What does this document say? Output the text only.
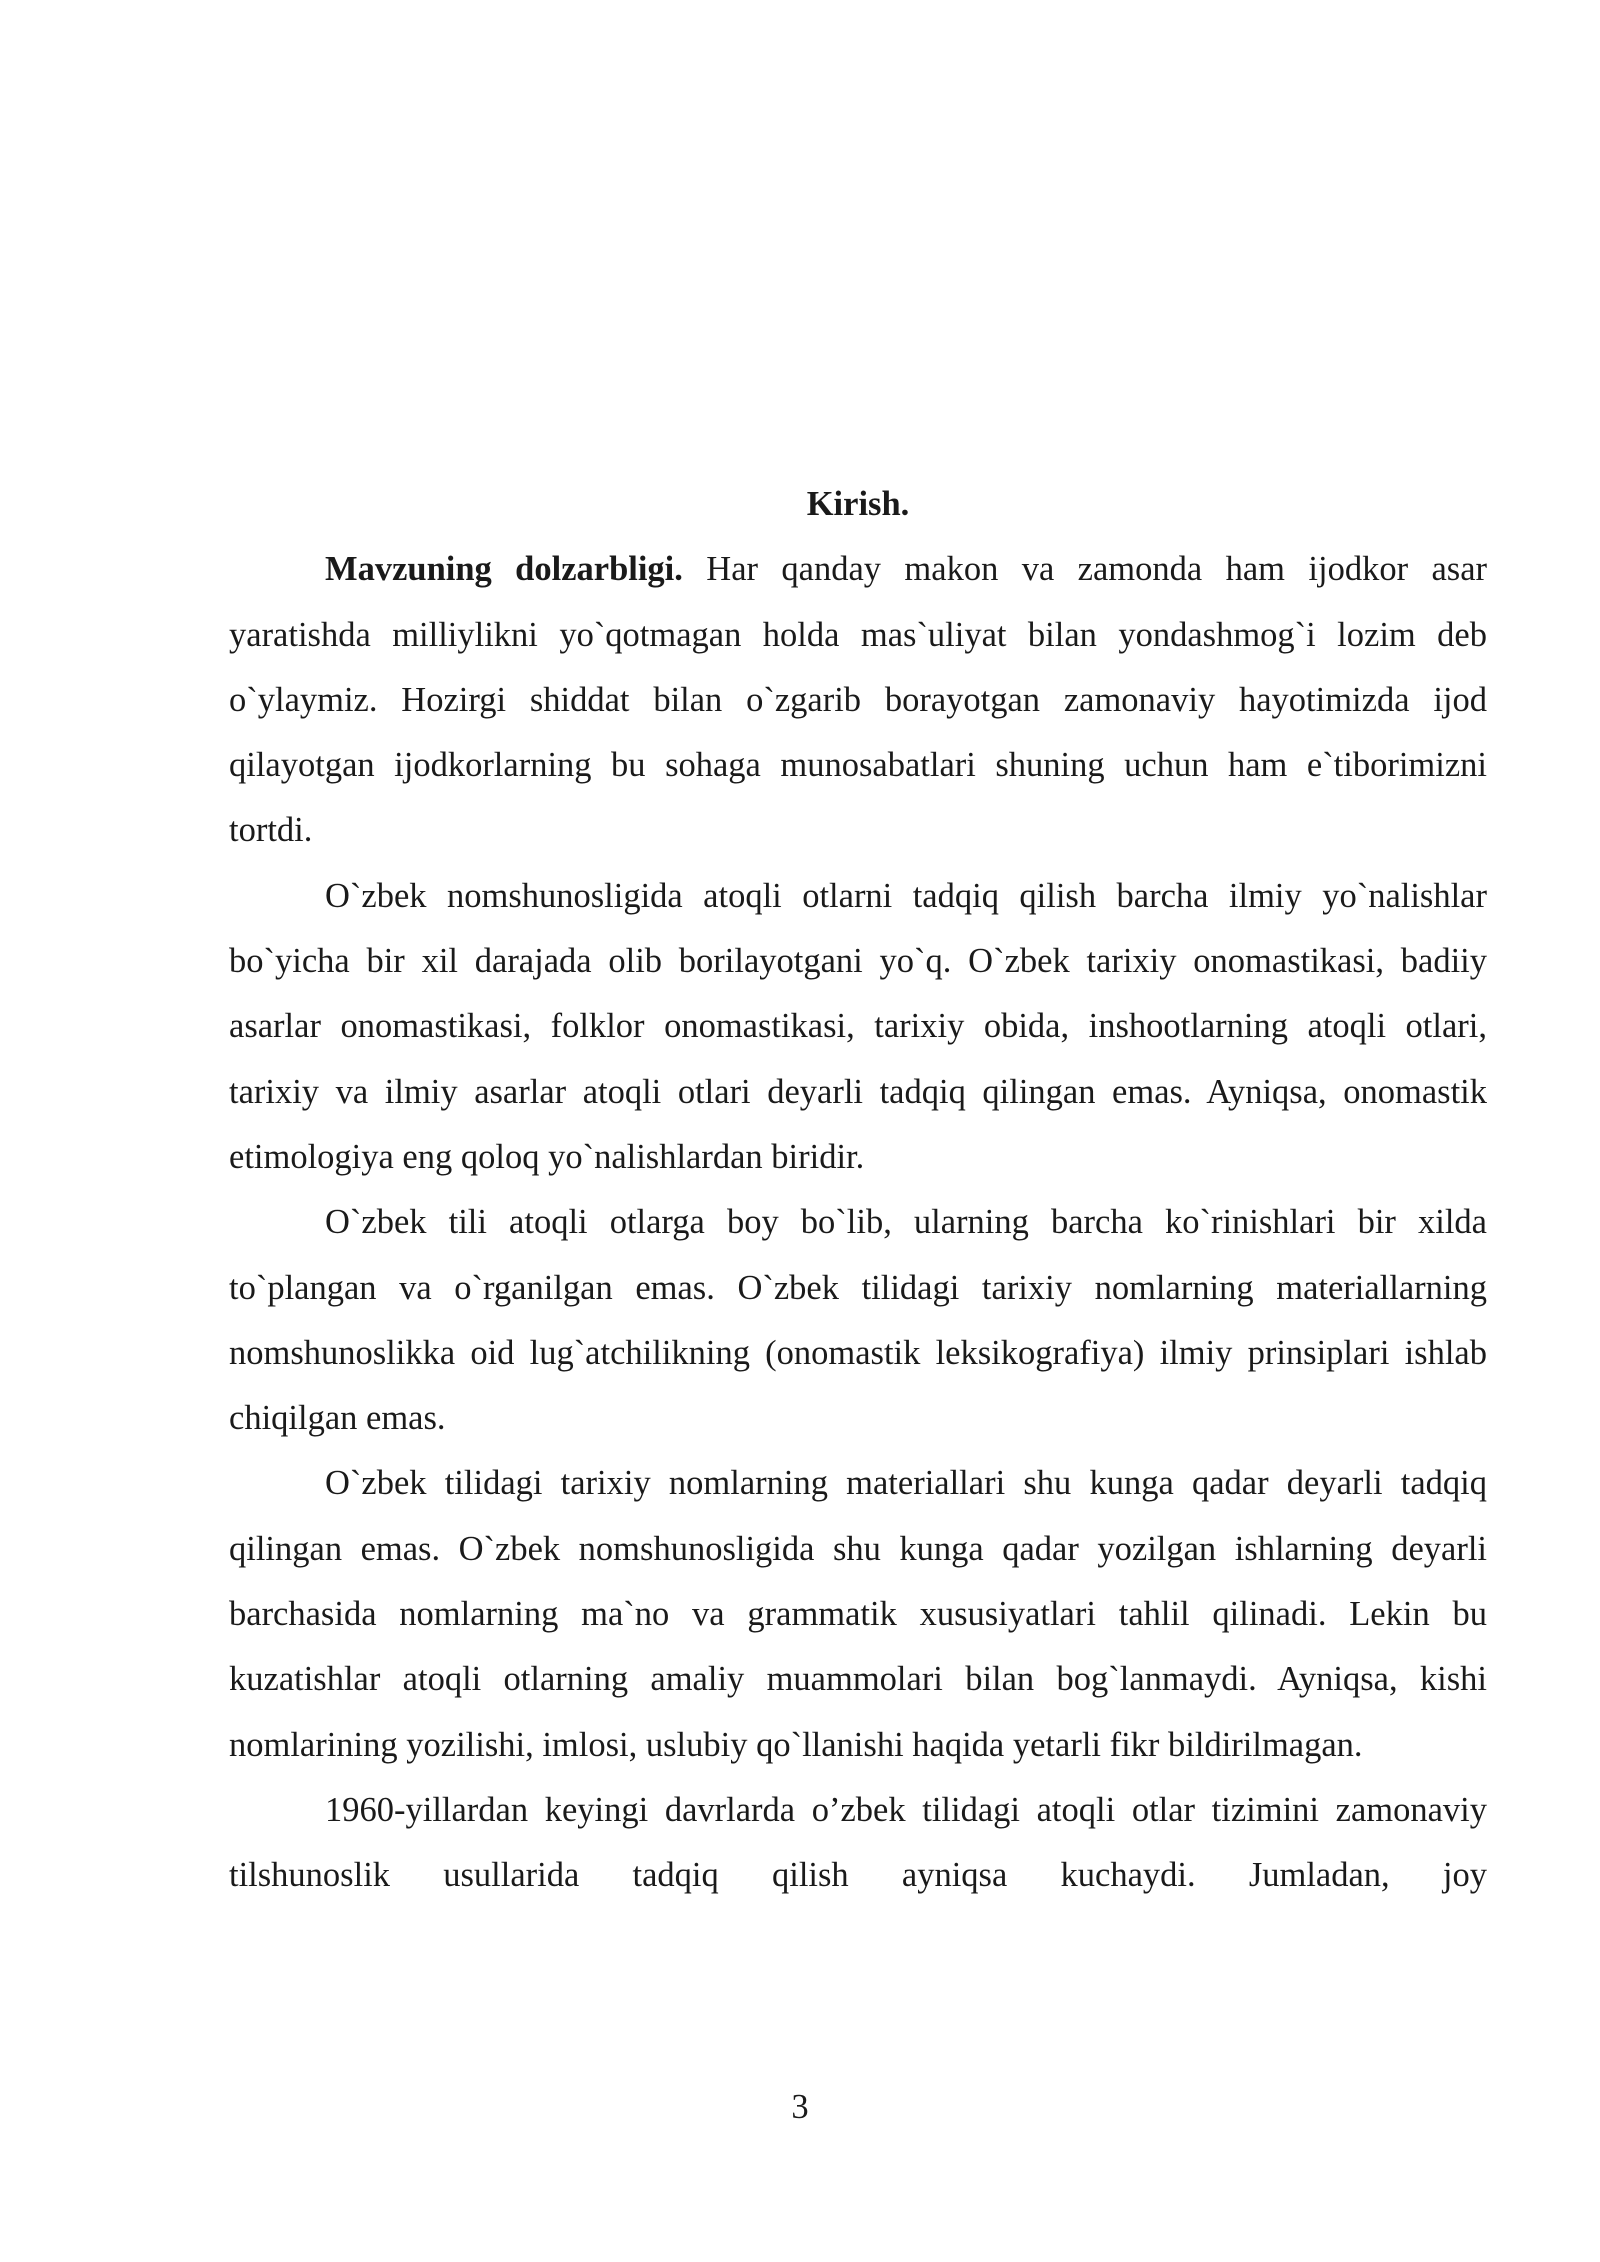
Kirish.

Mavzuning dolzarbligi. Har qanday makon va zamonda ham ijodkor asar yaratishda milliylikni yo`qotmagan holda mas`uliyat bilan yondashmog`i lozim deb o`ylaymiz. Hozirgi shiddat bilan o`zgarib borayotgan zamonaviy hayotimizda ijod qilayotgan ijodkorlarning bu sohaga munosabatlari shuning uchun ham e`tiborimizni tortdi.

O`zbek nomshunosligida atoqli otlarni tadqiq qilish barcha ilmiy yo`nalishlar bo`yicha bir xil darajada olib borilayotgani yo`q. O`zbek tarixiy onomastikasi, badiiy asarlar onomastikasi, folklor onomastikasi, tarixiy obida, inshootlarning atoqli otlari, tarixiy va ilmiy asarlar atoqli otlari deyarli tadqiq qilingan emas. Ayniqsa, onomastik etimologiya eng qoloq yo`nalishlardan biridir.

O`zbek tili atoqli otlarga boy bo`lib, ularning barcha ko`rinishlari bir xilda to`plangan va o`rganilgan emas. O`zbek tilidagi tarixiy nomlarning materiallarning nomshunoslikka oid lug`atchilikning (onomastik leksikografiya) ilmiy prinsiplari ishlab chiqilgan emas.

O`zbek tilidagi tarixiy nomlarning materiallari shu kunga qadar deyarli tadqiq qilingan emas. O`zbek nomshunosligida shu kunga qadar yozilgan ishlarning deyarli barchasida nomlarning ma`no va grammatik xususiyatlari tahlil qilinadi. Lekin bu kuzatishlar atoqli otlarning amaliy muammolari bilan bog`lanmaydi. Ayniqsa, kishi nomlarining yozilishi, imlosi, uslubiy qo`llanishi haqida yetarli fikr bildirilmagan.

1960-yillardan keyingi davrlarda o’zbek tilidagi atoqli otlar tizimini zamonaviy tilshunoslik usullarida tadqiq qilish ayniqsa kuchaydi. Jumladan, joy

3
